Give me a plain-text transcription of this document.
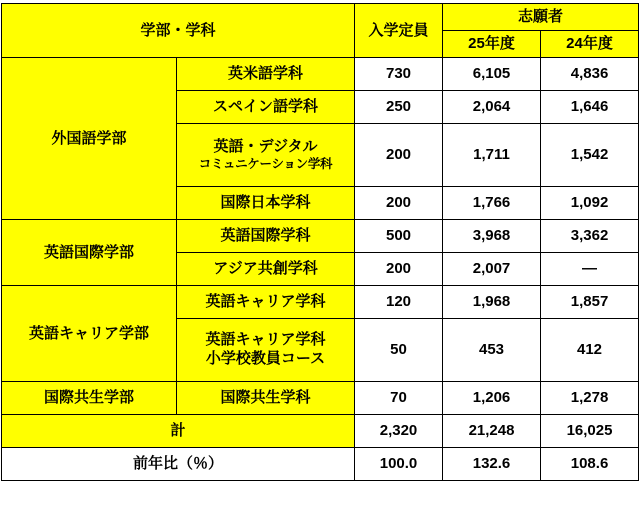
学部・学科		入学定員	志願者	
			25年度	24年度
外国語学部	英米語学科	730	6,105	4,836
	スペイン語学科	250	2,064	1,646

	英語・デジタル
コミュニケーション学科	200	1,711	1,542
	国際日本学科	200	1,766	1,092
英語国際学部	英語国際学科	500	3,968	3,362
	アジア共創学科	200	2,007	—
英語キャリア学部	英語キャリア学科	120	1,968	1,857

	英語キャリア学科
小学校教員コース	50	453	412
国際共生学部	国際共生学科	70	1,206	1,278
計		2,320	21,248	16,025
前年比（％）		100.0	132.6	108.6
